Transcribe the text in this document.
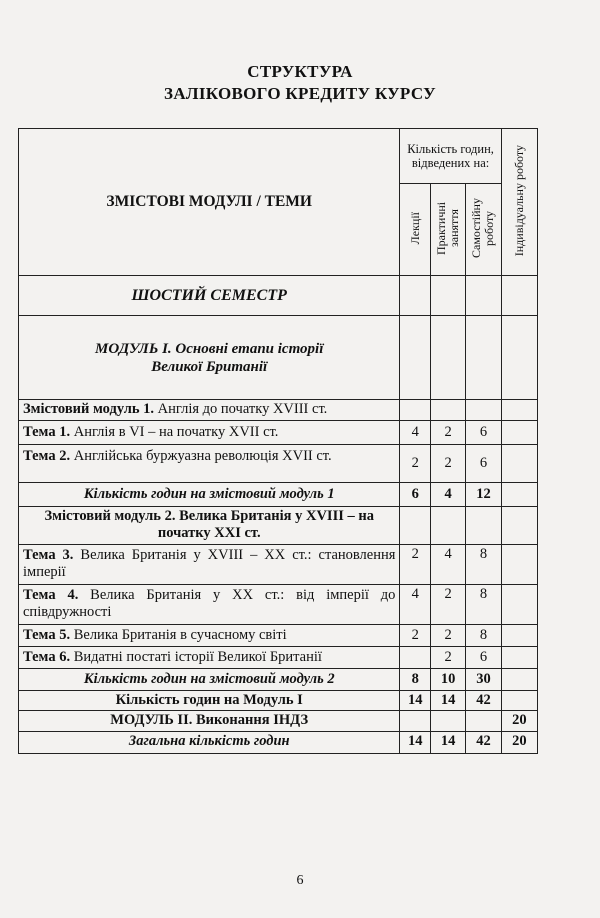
СТРУКТУРА
ЗАЛІКОВОГО КРЕДИТУ КУРСУ
ЗМІСТОВІ МОДУЛІ / ТЕМИ	Кількість годин, відведених на:			Індивідуальну роботу
	Лекції	Практичні заняття	Самостійну роботу	
ШОСТИЙ СЕМЕСТР				
МОДУЛЬ І. Основні етапи історії Великої Британії				
Змістовий модуль 1. Англія до початку XVIII ст.				
Тема 1. Англія в VI – на початку XVII ст.	4	2	6	
Тема 2. Англійська буржуазна революція XVII ст.	2	2	6	
Кількість годин на змістовий модуль 1	6	4	12	
Змістовий модуль 2. Велика Британія у XVIII – на початку XXI ст.				
Тема 3. Велика Британія у XVIII – XX ст.: становлення імперії	2	4	8	
Тема 4. Велика Британія у XX ст.: від імперії до співдружності	4	2	8	
Тема 5. Велика Британія в сучасному світі	2	2	8	
Тема 6. Видатні постаті історії Великої Британії		2	6	
Кількість годин на змістовий модуль 2	8	10	30	
Кількість годин на Модуль І	14	14	42	
МОДУЛЬ ІІ. Виконання ІНДЗ				20
Загальна кількість годин	14	14	42	20
6
